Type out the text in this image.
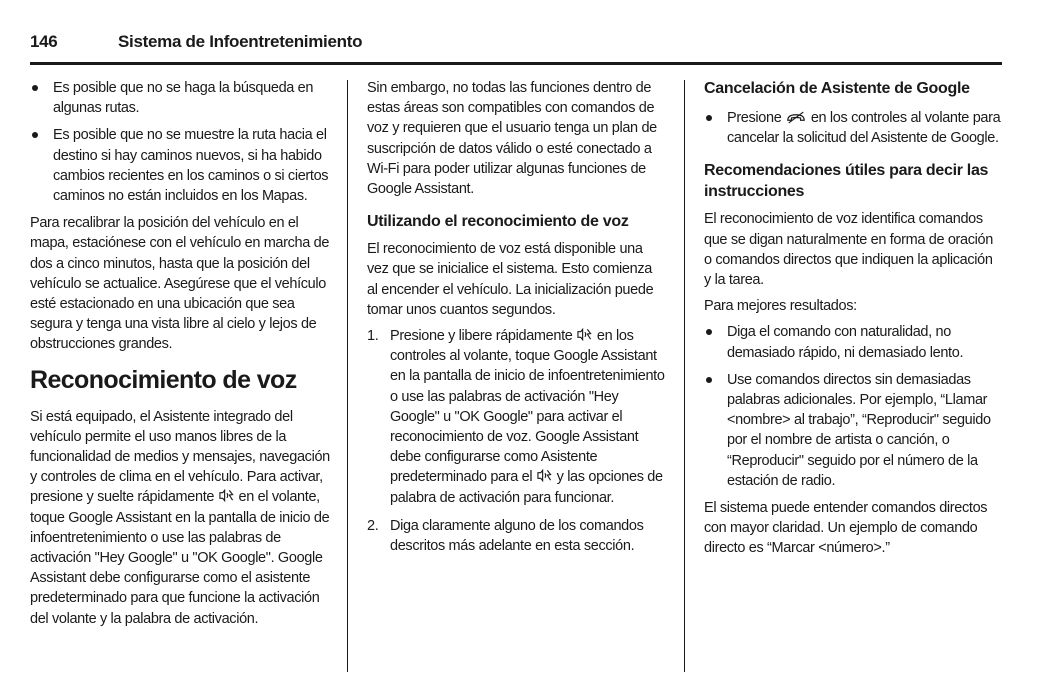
146	Sistema de Infoentretenimiento
Es posible que no se haga la búsqueda en algunas rutas.
Es posible que no se muestre la ruta hacia el destino si hay caminos nuevos, si ha habido cambios recientes en los caminos o si ciertos caminos no están incluidos en los Mapas.

Para recalibrar la posición del vehículo en el mapa, estaciónese con el vehículo en marcha de dos a cinco minutos, hasta que la posición del vehículo se actualice. Asegúrese que el vehículo esté estacionado en una ubicación que sea segura y tenga una vista libre al cielo y lejos de obstrucciones grandes.

Reconocimiento de voz

Si está equipado, el Asistente integrado del vehículo permite el uso manos libres de la funcionalidad de medios y mensajes, navegación y controles de clima en el vehículo. Para activar, presione y suelte rápidamente en el volante, toque Google Assistant en la pantalla de inicio de infoentretenimiento o use las palabras de activación "Hey Google" u "OK Google". Google Assistant debe configurarse como el asistente predeterminado para que funcione la activación del volante y la palabra de activación.

Sin embargo, no todas las funciones dentro de estas áreas son compatibles con comandos de voz y requieren que el usuario tenga un plan de suscripción de datos válido o esté conectado a Wi-Fi para poder utilizar algunas funciones de Google Assistant.

Utilizando el reconocimiento de voz

El reconocimiento de voz está disponible una vez que se inicialice el sistema. Esto comienza al encender el vehículo. La inicialización puede tomar unos cuantos segundos.

1. Presione y libere rápidamente en los controles al volante, toque Google Assistant en la pantalla de inicio de infoentretenimiento o use las palabras de activación "Hey Google" u "OK Google" para activar el reconocimiento de voz. Google Assistant debe configurarse como Asistente predeterminado para el y las opciones de palabra de activación para funcionar.
2. Diga claramente alguno de los comandos descritos más adelante en esta sección.
Cancelación de Asistente de Google
Presione en los controles al volante para cancelar la solicitud del Asistente de Google.
Recomendaciones útiles para decir las instrucciones

El reconocimiento de voz identifica comandos que se digan naturalmente en forma de oración o comandos directos que indiquen la aplicación y la tarea.

Para mejores resultados:

Diga el comando con naturalidad, no demasiado rápido, ni demasiado lento.
Use comandos directos sin demasiadas palabras adicionales. Por ejemplo, “Llamar <nombre> al trabajo”, “Reproducir" seguido por el nombre de artista o canción, o “Reproducir" seguido por el número de la estación de radio.

El sistema puede entender comandos directos con mayor claridad. Un ejemplo de comando directo es “Marcar <número>.”
